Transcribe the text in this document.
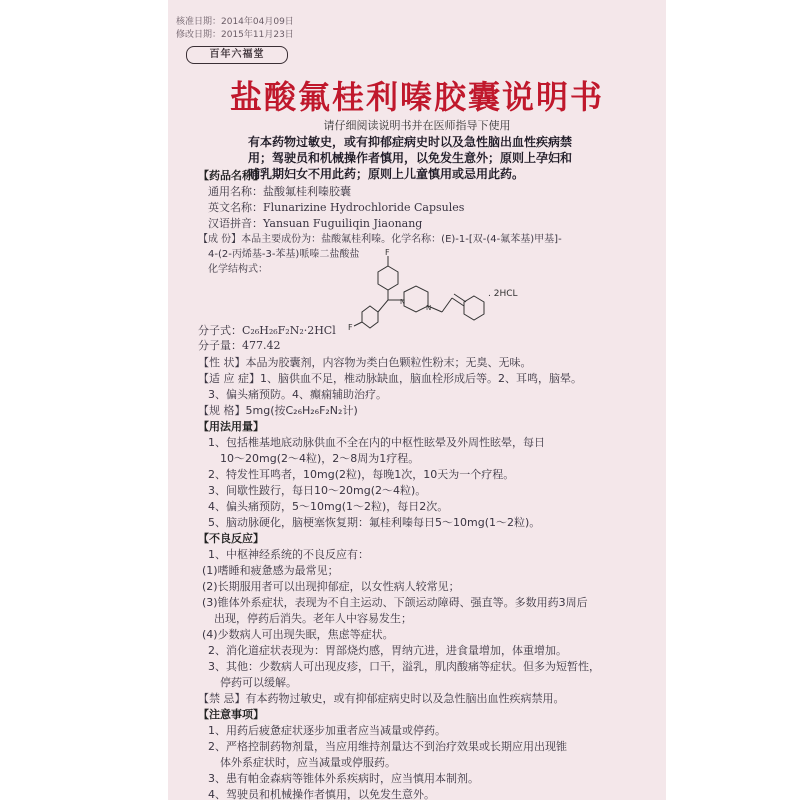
核准日期：2014年04月09日
修改日期：2015年11月23日
百年六福堂
盐酸氟桂利嗪胶囊说明书
请仔细阅读说明书并在医师指导下使用
有本药物过敏史，或有抑郁症病史时以及急性脑出血性疾病禁
用；驾驶员和机械操作者慎用，以免发生意外；原则上孕妇和
哺乳期妇女不用此药；原则上儿童慎用或忌用此药。
【药品名称】
通用名称：盐酸氟桂利嗪胶囊
英文名称：Flunarizine Hydrochloride Capsules
汉语拼音：Yansuan Fuguiliqin Jiaonang
【成 份】本品主要成份为：盐酸氟桂利嗪。化学名称：(E)-1-[双-(4-氟苯基)甲基]-
4-(2-丙烯基-3-苯基)哌嗪二盐酸盐
化学结构式：
F
F
N
N
. 2HCL
分子式：C₂₆H₂₆F₂N₂·2HCl
分子量：477.42
【性 状】本品为胶囊剂，内容物为类白色颗粒性粉末；无臭、无味。
【适 应 症】1、脑供血不足，椎动脉缺血，脑血栓形成后等。2、耳鸣，脑晕。
3、偏头痛预防。4、癫痫辅助治疗。
【规 格】5mg(按C₂₆H₂₆F₂N₂计)
【用法用量】
1、包括椎基地底动脉供血不全在内的中枢性眩晕及外周性眩晕，每日
10～20mg(2～4粒)，2～8周为1疗程。
2、特发性耳鸣者，10mg(2粒)，每晚1次，10天为一个疗程。
3、间歇性跛行，每日10～20mg(2～4粒)。
4、偏头痛预防，5～10mg(1～2粒)，每日2次。
5、脑动脉硬化，脑梗塞恢复期：氟桂利嗪每日5～10mg(1～2粒)。
【不良反应】
1、中枢神经系统的不良反应有：
(1)嗜睡和疲惫感为最常见；
(2)长期服用者可以出现抑郁症，以女性病人较常见；
(3)锥体外系症状，表现为不自主运动、下颌运动障碍、强直等。多数用药3周后
出现，停药后消失。老年人中容易发生；
(4)少数病人可出现失眠，焦虑等症状。
2、消化道症状表现为：胃部烧灼感，胃纳亢进，进食量增加，体重增加。
3、其他：少数病人可出现皮疹，口干，溢乳，肌肉酸痛等症状。但多为短暂性，
停药可以缓解。
【禁 忌】有本药物过敏史，或有抑郁症病史时以及急性脑出血性疾病禁用。
【注意事项】
1、用药后疲惫症状逐步加重者应当减量或停药。
2、严格控制药物剂量，当应用维持剂量达不到治疗效果或长期应用出现锥
体外系症状时，应当减量或停服药。
3、患有帕金森病等锥体外系疾病时，应当慎用本制剂。
4、驾驶员和机械操作者慎用，以免发生意外。
